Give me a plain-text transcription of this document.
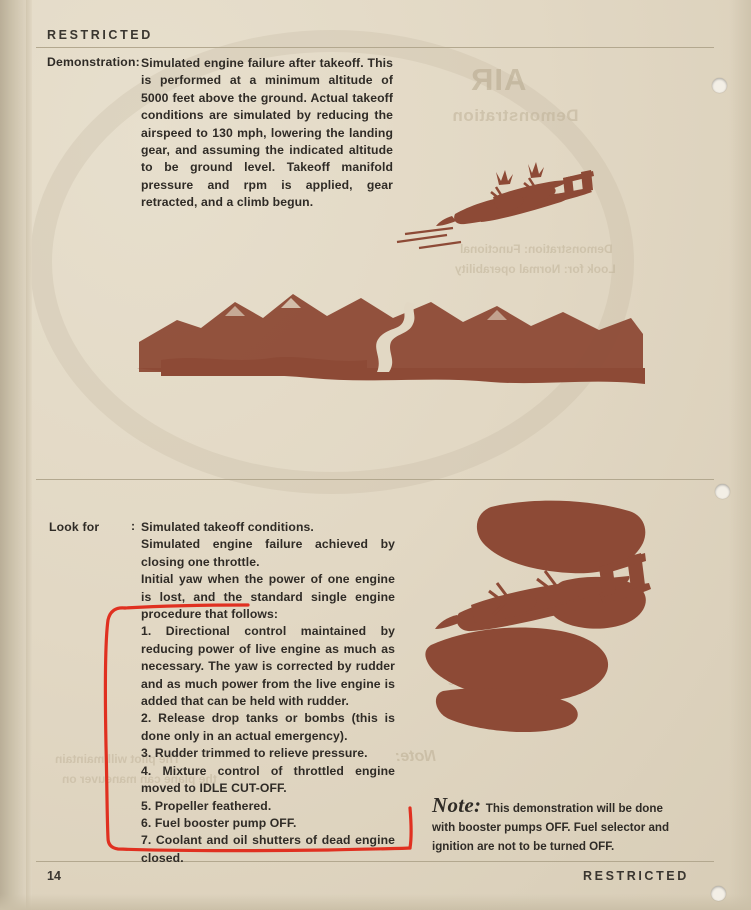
AIR
Demonstration
Demonstration: Functional
Look for: Normal operability
Note:
The pilot will maintain
the plane can maneuver on
RESTRICTED
RESTRICTED
14
Demonstration: Simulated engine failure after takeoff. This is performed at a minimum altitude of 5000 feet above the ground. Actual takeoff conditions are simulated by reducing the airspeed to 130 mph, lowering the landing gear, and assuming the indicated altitude to be ground level. Takeoff manifold pressure and rpm is applied, gear retracted, and a climb begun.
Look for	: Simulated takeoff conditions.

Simulated engine failure achieved by closing one throttle.

Initial yaw when the power of one engine is lost, and the standard single engine procedure that follows:

1. Directional control maintained by reducing power of live engine as much as necessary. The yaw is corrected by rudder and as much power from the live engine is added that can be held with rudder.

2. Release drop tanks or bombs (this is done only in an actual emergency).

3. Rudder trimmed to relieve pressure.

4. Mixture control of throttled engine moved to IDLE CUT-OFF.

5. Propeller feathered.

6. Fuel booster pump OFF.

7. Coolant and oil shutters of dead engine closed.

Note: This demonstration will be done with booster pumps OFF. Fuel selector and ignition are not to be turned OFF.
